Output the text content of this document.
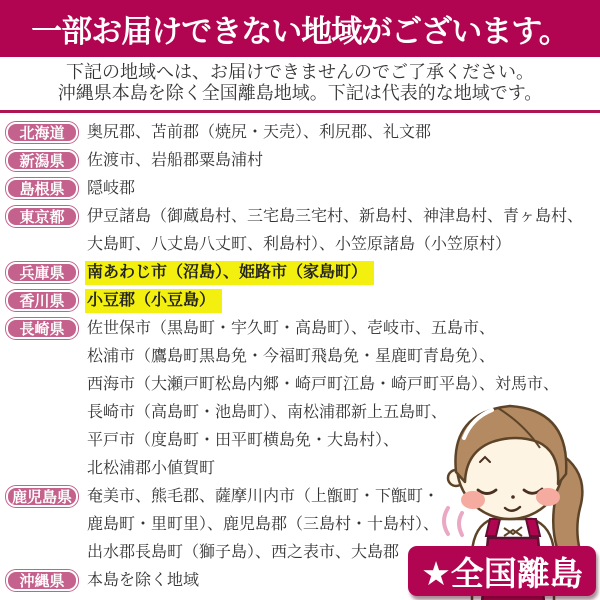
一部お届けできない地域がございます。
下記の地域へは、お届けできませんのでご了承ください。
沖縄県本島を除く全国離島地域。下記は代表的な地域です。
北海道	奥尻郡、苫前郡（焼尻・天売）、利尻郡、礼文郡
新潟県	佐渡市、岩船郡粟島浦村
島根県	隠岐郡
東京都	伊豆諸島（御蔵島村、三宅島三宅村、新島村、神津島村、青ヶ島村、
大島町、八丈島八丈町、利島村）、小笠原諸島（小笠原村）
兵庫県	南あわじ市（沼島）、姫路市（家島町）
香川県	小豆郡（小豆島）
長崎県	佐世保市（黒島町・宇久町・高島町）、壱岐市、五島市、
松浦市（鷹島町黒島免・今福町飛島免・星鹿町青島免）、
西海市（大瀬戸町松島内郷・崎戸町江島・崎戸町平島）、対馬市、
長崎市（高島町・池島町）、南松浦郡新上五島町、
平戸市（度島町・田平町横島免・大島村）、
北松浦郡小値賀町
鹿児島県 奄美市、熊毛郡、薩摩川内市（上甑町・下甑町・
鹿島町・里町里）、鹿児島郡（三島村・十島村）、
出水郡長島町（獅子島）、西之表市、大島郡
沖縄県	本島を除く地域	★全国離島
